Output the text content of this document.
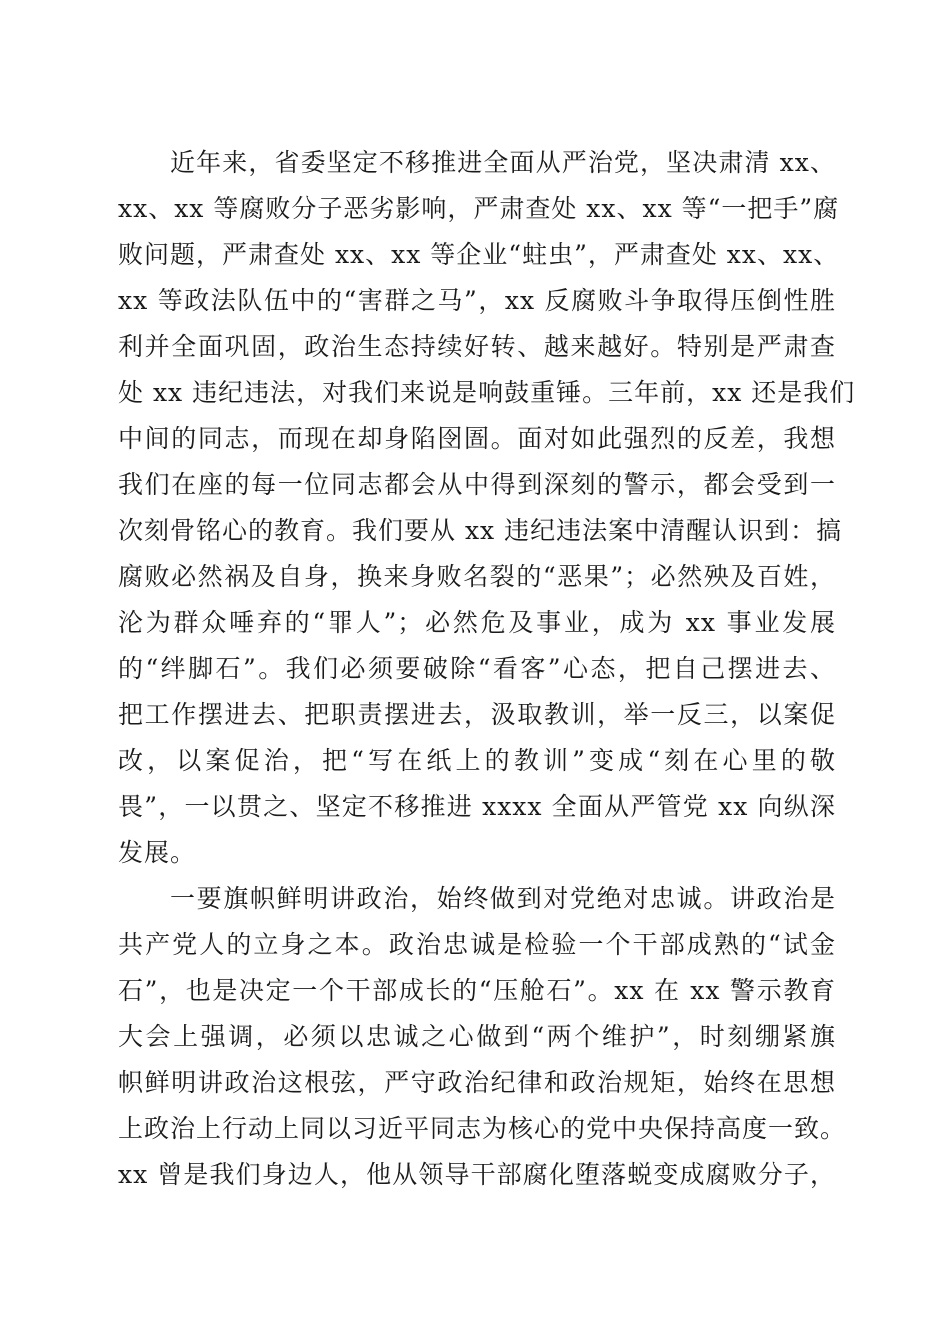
近年来，省委坚定不移推进全面从严治党，坚决肃清 xx、
xx、xx 等腐败分子恶劣影响，严肃查处 xx、xx 等“一把手”腐
败问题，严肃查处 xx、xx 等企业“蛀虫”，严肃查处 xx、xx、
xx 等政法队伍中的“害群之马”，xx 反腐败斗争取得压倒性胜
利并全面巩固，政治生态持续好转、越来越好。特别是严肃查
处 xx 违纪违法，对我们来说是响鼓重锤。三年前，xx 还是我们
中间的同志，而现在却身陷囹圄。面对如此强烈的反差，我想
我们在座的每一位同志都会从中得到深刻的警示，都会受到一
次刻骨铭心的教育。我们要从 xx 违纪违法案中清醒认识到：搞
腐败必然祸及自身，换来身败名裂的“恶果”；必然殃及百姓，
沦为群众唾弃的“罪人”；必然危及事业，成为 xx 事业发展
的“绊脚石”。我们必须要破除“看客”心态，把自己摆进去、
把工作摆进去、把职责摆进去，汲取教训，举一反三，以案促
改，以案促治，把“写在纸上的教训”变成“刻在心里的敬
畏”，一以贯之、坚定不移推进 xxxx 全面从严管党 xx 向纵深
发展。
一要旗帜鲜明讲政治，始终做到对党绝对忠诚。讲政治是
共产党人的立身之本。政治忠诚是检验一个干部成熟的“试金
石”，也是决定一个干部成长的“压舱石”。xx 在 xx 警示教育
大会上强调，必须以忠诚之心做到“两个维护”，时刻绷紧旗
帜鲜明讲政治这根弦，严守政治纪律和政治规矩，始终在思想
上政治上行动上同以习近平同志为核心的党中央保持高度一致。
xx 曾是我们身边人，他从领导干部腐化堕落蜕变成腐败分子，
